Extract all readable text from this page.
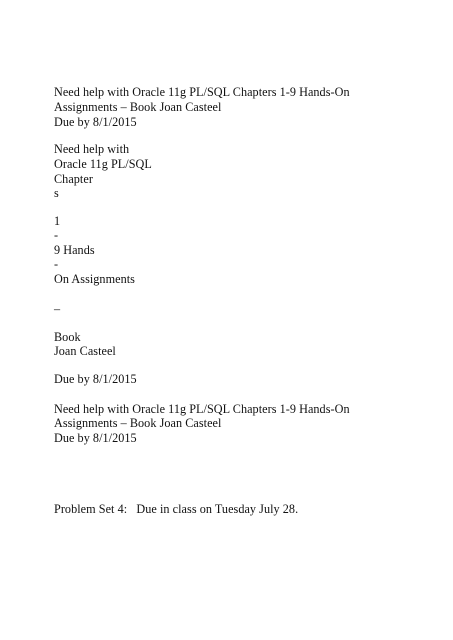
Need help with Oracle 11g PL/SQL Chapters 1-9 Hands-On
Assignments – Book Joan Casteel
Due by 8/1/2015
Need help with
Oracle 11g PL/SQL
Chapter
s
1
-
9 Hands
-
On Assignments
–
Book
Joan Casteel
Due by 8/1/2015
Need help with Oracle 11g PL/SQL Chapters 1-9 Hands-On
Assignments – Book Joan Casteel
Due by 8/1/2015
Problem Set 4:   Due in class on Tuesday July 28.
